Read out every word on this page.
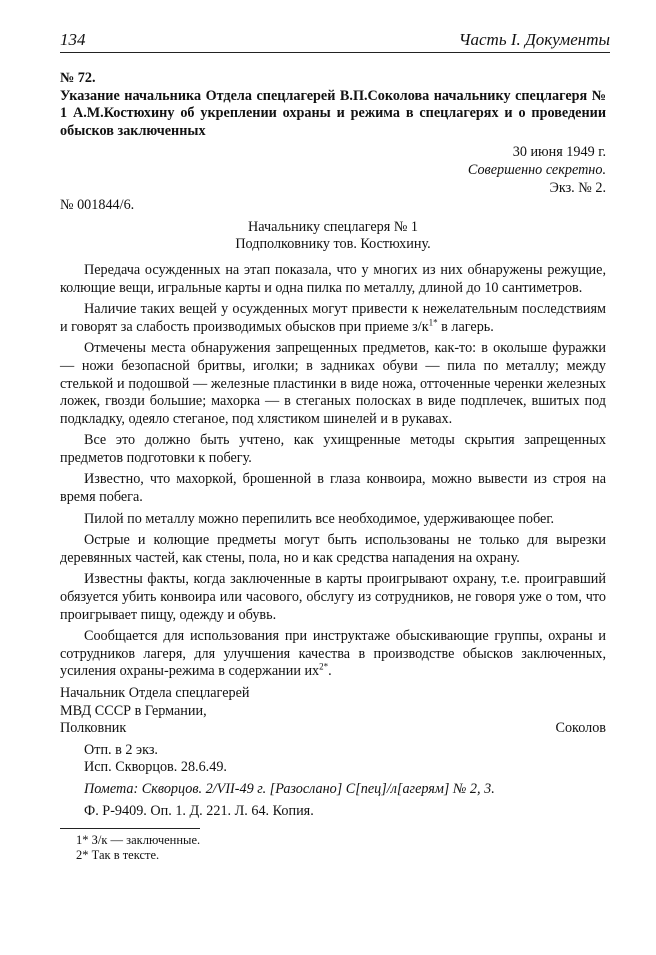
134	Часть I. Документы

№ 72.

Указание начальника Отдела спецлагерей В.П.Соколова начальнику спецлагеря № 1 А.М.Костюхину об укреплении охраны и режима в спецлагерях и о проведении обысков заключенных

30 июня 1949 г.

Совершенно секретно.

Экз. № 2.

№ 001844/6.

Начальнику спецлагеря № 1

Подполковнику тов. Костюхину.

Передача осужденных на этап показала, что у многих из них обнаружены режущие, колющие вещи, игральные карты и одна пилка по металлу, длиной до 10 сантиметров.

Наличие таких вещей у осужденных могут привести к нежелательным последствиям и говорят за слабость производимых обысков при приеме $з/к^{1*}$ в лагерь.

Отмечены места обнаружения запрещенных предметов, как-то: в околыше фуражки — ножи безопасной бритвы, иголки; в задниках обуви — пила по металлу; между стелькой и подошвой — железные пластинки в виде ножа, отточенные черенки железных ложек, гвозди большие; махорка — в стеганых полосках в виде подплечек, вшитых под подкладку, одеяло стеганое, под хлястиком шинелей и в рукавах.

Все это должно быть учтено, как ухищренные методы скрытия запрещенных предметов подготовки к побегу.

Известно, что махоркой, брошенной в глаза конвоира, можно вывести из строя на время побега.

Пилой по металлу можно перепилить все необходимое, удерживающее побег.

Острые и колющие предметы могут быть использованы не только для вырезки деревянных частей, как стены, пола, но и как средства нападения на охрану.

Известны факты, когда заключенные в карты проигрывают охрану, т.е. проигравший обязуется убить конвоира или часового, обслугу из сотрудников, не говоря уже о том, что проигрывает пищу, одежду и обувь.

Сообщается для использования при инструктаже обыскивающие группы, охраны и сотрудников лагеря, для улучшения качества в производстве обысков заключенных, усиления охраны-режима в содержании $их^{2*}$.

Начальник Отдела спецлагерей

МВД СССР в Германии,

Полковник	Соколов

Отп. в 2 экз.

Исп. Скворцов. 28.6.49.

Помета: Скворцов. 2/VII-49 г. [Разослано] С[пец]/л[агерям] № 2, 3.

Ф. Р-9409. Оп. 1. Д. 221. Л. 64. Копия.

1* З/к — заключенные.

2* Так в тексте.
